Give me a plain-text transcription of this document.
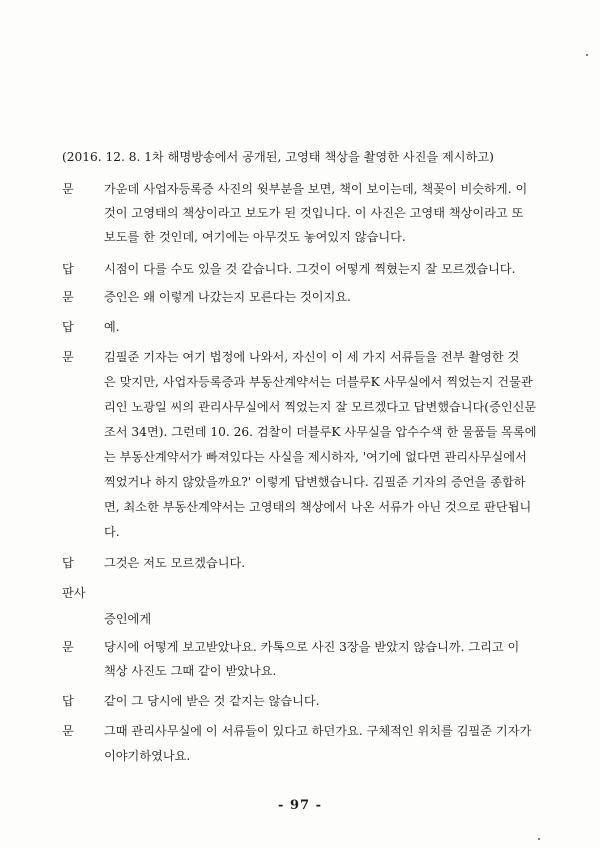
(2016. 12. 8. 1차 해명방송에서 공개된, 고영태 책상을 촬영한 사진을 제시하고)
문 가운데 사업자등록증 사진의 윗부분을 보면, 책이 보이는데, 책꽂이 비슷하게. 이
것이 고영태의 책상이라고 보도가 된 것입니다. 이 사진은 고영태 책상이라고 또
보도를 한 것인데, 여기에는 아무것도 놓여있지 않습니다.
답 시점이 다를 수도 있을 것 같습니다. 그것이 어떻게 찍혔는지 잘 모르겠습니다.
문 증인은 왜 이렇게 나갔는지 모른다는 것이지요.
답 예.
문 김필준 기자는 여기 법정에 나와서, 자신이 이 세 가지 서류들을 전부 촬영한 것
은 맞지만, 사업자등록증과 부동산계약서는 더블루K 사무실에서 찍었는지 건물관
리인 노광일 씨의 관리사무실에서 찍었는지 잘 모르겠다고 답변했습니다(증인신문
조서 34면). 그런데 10. 26. 검찰이 더블루K 사무실을 압수수색 한 물품들 목록에
는 부동산계약서가 빠져있다는 사실을 제시하자, '여기에 없다면 관리사무실에서
찍었거나 하지 않았을까요?' 이렇게 답변했습니다. 김필준 기자의 증언을 종합하
면, 최소한 부동산계약서는 고영태의 책상에서 나온 서류가 아닌 것으로 판단됩니
다.
답 그것은 저도 모르겠습니다.
판사
증인에게
문 당시에 어떻게 보고받았나요. 카톡으로 사진 3장을 받았지 않습니까. 그리고 이
책상 사진도 그때 같이 받았나요.
답 같이 그 당시에 받은 것 같지는 않습니다.
문 그때 관리사무실에 이 서류들이 있다고 하던가요. 구체적인 위치를 김필준 기자가
이야기하였나요.
- 97 -
